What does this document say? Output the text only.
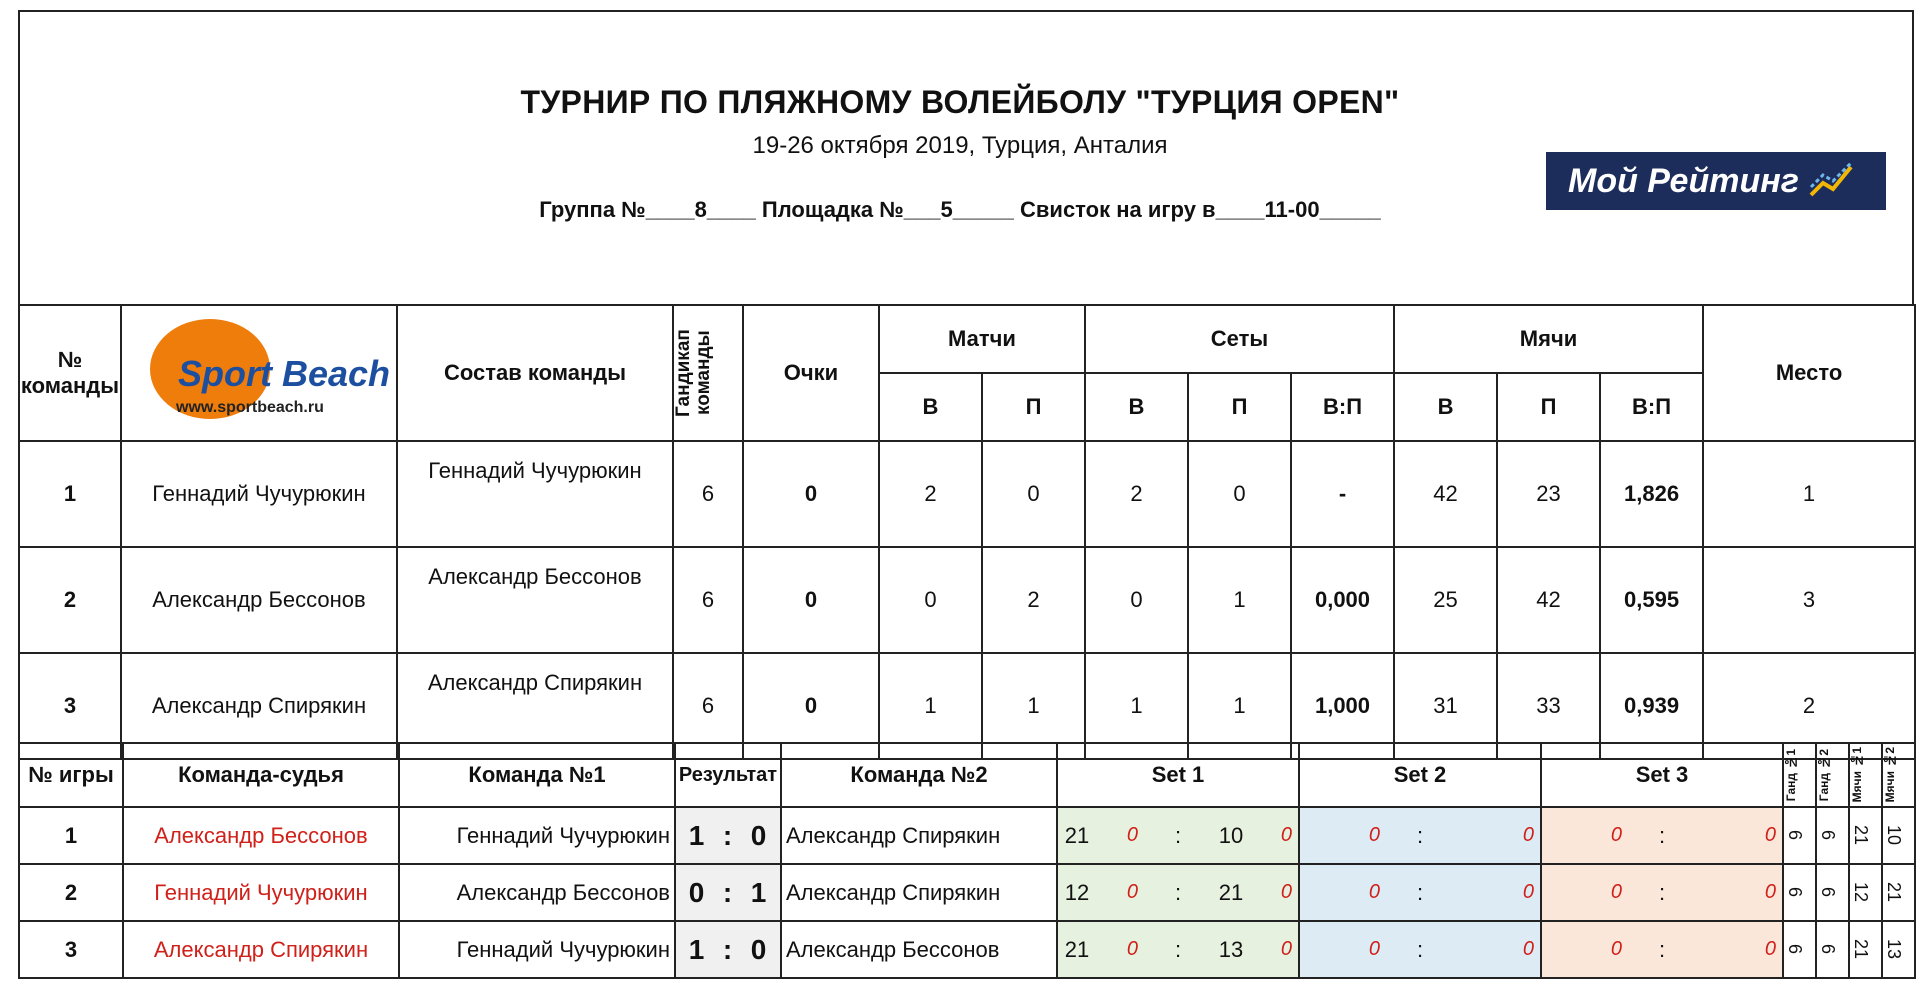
ТУРНИР ПО ПЛЯЖНОМУ ВОЛЕЙБОЛУ "ТУРЦИЯ OPEN"
19-26 октября 2019, Турция, Анталия
Группа №____8____ Площадка №___5_____ Свисток на игру в____11-00_____
Мой Рейтинг
№ команды	Sport Beach
www.sportbeach.ru	Состав команды	Гандикап команды	Очки	Матчи		Сеты			Мячи			Место
					В	П	В	П	В:П	В	П	В:П	
1	Геннадий Чучурюкин	Геннадий Чучурюкин	6	0	2	0	2	0	-	42	23	1,826	1
2	Александр Бессонов	Александр Бессонов	6	0	0	2	0	1	0,000	25	42	0,595	3
3	Александр Спирякин	Александр Спирякин	6	0	1	1	1	1	1,000	31	33	0,939	2
№ игры	Команда-судья	Команда №1	Результат	Команда №2	Set 1	Set 2	Set 3	Ганд №1	Ганд №2	Мячи №1	Мячи №2

1	Александр Бессонов	Геннадий Чучурюкин	1  :  0	Александр Спирякин	21 0 : 10 0	0 : 0	0 : 0	6	6	21	10

2	Геннадий Чучурюкин	Александр Бессонов	0  :  1	Александр Спирякин	12 0 : 21 0	0 : 0	0 : 0	6	6	12	21

3	Александр Спирякин	Геннадий Чучурюкин	1  :  0	Александр Бессонов	21 0 : 13 0	0 : 0	0 : 0	6	6	21	13
